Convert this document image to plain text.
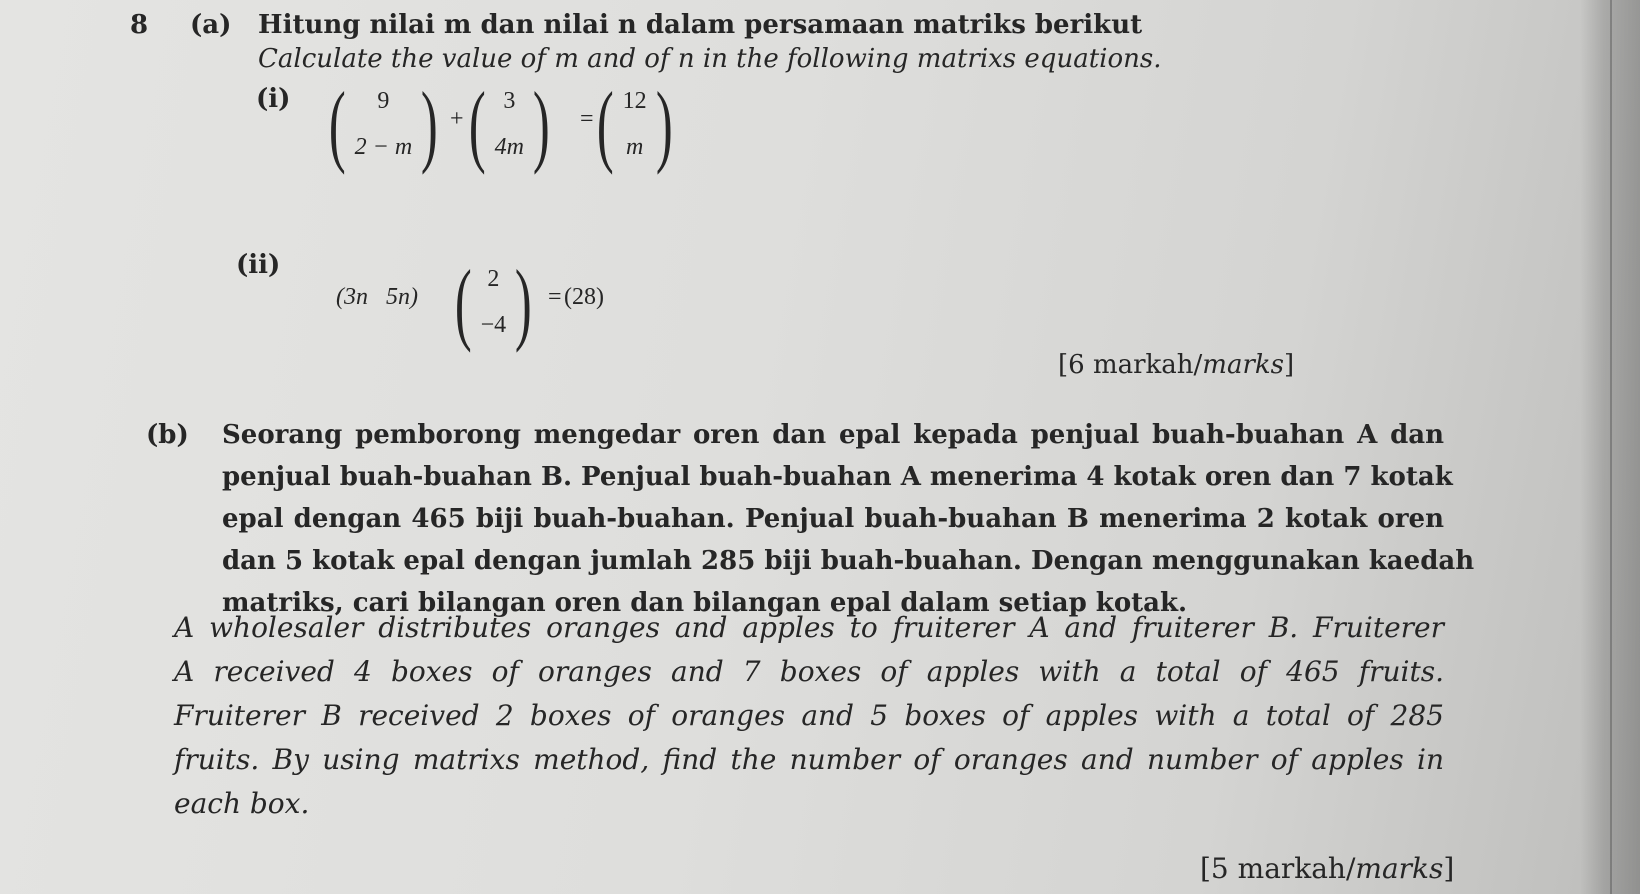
8 (a) Hitung nilai m dan nilai n dalam persamaan matriks berikut
Calculate the value of m and of n in the following matrixs equations.
(i) ( 9
2 − m ) + ( 3
4m ) = ( 12
m )
(ii)
(3n   5n) ( 2
−4 ) = (28)
[6 markah/marks]
(b) Seorang pemborong mengedar oren dan epal kepada penjual buah-buahan A dan
penjual buah-buahan B. Penjual buah-buahan A menerima 4 kotak oren dan 7 kotak
epal dengan 465 biji buah-buahan. Penjual buah-buahan B menerima 2 kotak oren
dan 5 kotak epal dengan jumlah 285 biji buah-buahan. Dengan menggunakan kaedah
matriks, cari bilangan oren dan bilangan epal dalam setiap kotak.
A wholesaler distributes oranges and apples to fruiterer A and fruiterer B. Fruiterer
A received 4 boxes of oranges and 7 boxes of apples with a total of 465 fruits.
Fruiterer B received 2 boxes of oranges and 5 boxes of apples with a total of 285
fruits. By using matrixs method, find the number of oranges and number of apples in
each box.
[5 markah/marks]
